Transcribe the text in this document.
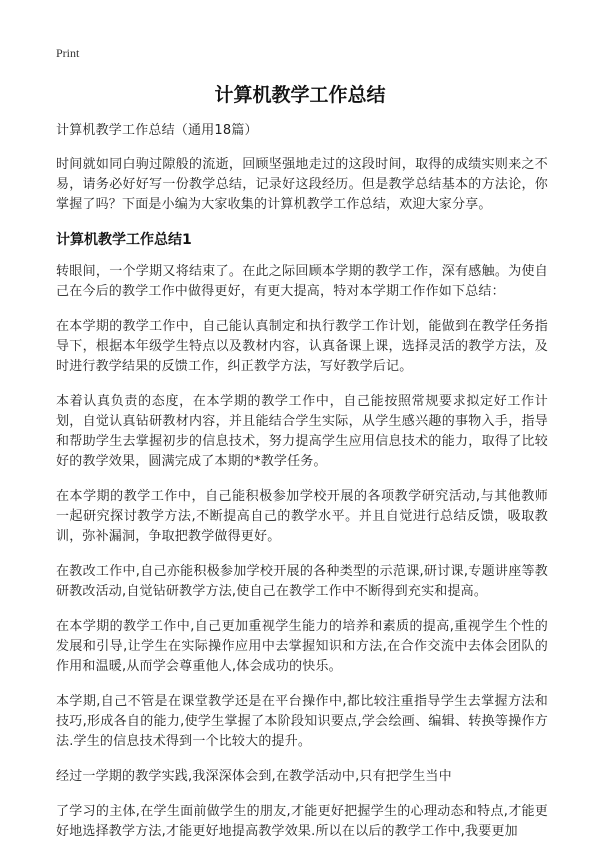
Print
计算机教学工作总结

计算机教学工作总结（通用18篇）

时间就如同白驹过隙般的流逝，回顾坚强地走过的这段时间，取得的成绩实则来之不易，请务必好好写一份教学总结，记录好这段经历。但是教学总结基本的方法论，你掌握了吗？下面是小编为大家收集的计算机教学工作总结，欢迎大家分享。

计算机教学工作总结1

转眼间，一个学期又将结束了。在此之际回顾本学期的教学工作，深有感触。为使自己在今后的教学工作中做得更好，有更大提高，特对本学期工作作如下总结：

在本学期的教学工作中，自己能认真制定和执行教学工作计划，能做到在教学任务指导下，根据本年级学生特点以及教材内容，认真备课上课，选择灵活的教学方法，及时进行教学结果的反馈工作，纠正教学方法，写好教学后记。

本着认真负责的态度，在本学期的教学工作中，自己能按照常规要求拟定好工作计划，自觉认真钻研教材内容，并且能结合学生实际，从学生感兴趣的事物入手，指导和帮助学生去掌握初步的信息技术，努力提高学生应用信息技术的能力，取得了比较好的教学效果，圆满完成了本期的*教学任务。

在本学期的教学工作中，自己能积极参加学校开展的各项教学研究活动,与其他教师一起研究探讨教学方法,不断提高自己的教学水平。并且自觉进行总结反馈，吸取教训，弥补漏洞，争取把教学做得更好。

在教改工作中,自己亦能积极参加学校开展的各种类型的示范课,研讨课,专题讲座等教研教改活动,自觉钻研教学方法,使自己在教学工作中不断得到充实和提高。

在本学期的教学工作中,自己更加重视学生能力的培养和素质的提高,重视学生个性的发展和引导,让学生在实际操作应用中去掌握知识和方法,在合作交流中去体会团队的作用和温暖,从而学会尊重他人,体会成功的快乐。

本学期,自己不管是在课堂教学还是在平台操作中,都比较注重指导学生去掌握方法和技巧,形成各自的能力,使学生掌握了本阶段知识要点,学会绘画、编辑、转换等操作方法.学生的信息技术得到一个比较大的提升。

经过一学期的教学实践,我深深体会到,在教学活动中,只有把学生当中

了学习的主体,在学生面前做学生的朋友,才能更好把握学生的心理动态和特点,才能更好地选择教学方法,才能更好地提高教学效果.所以在以后的教学工作中,我要更加
